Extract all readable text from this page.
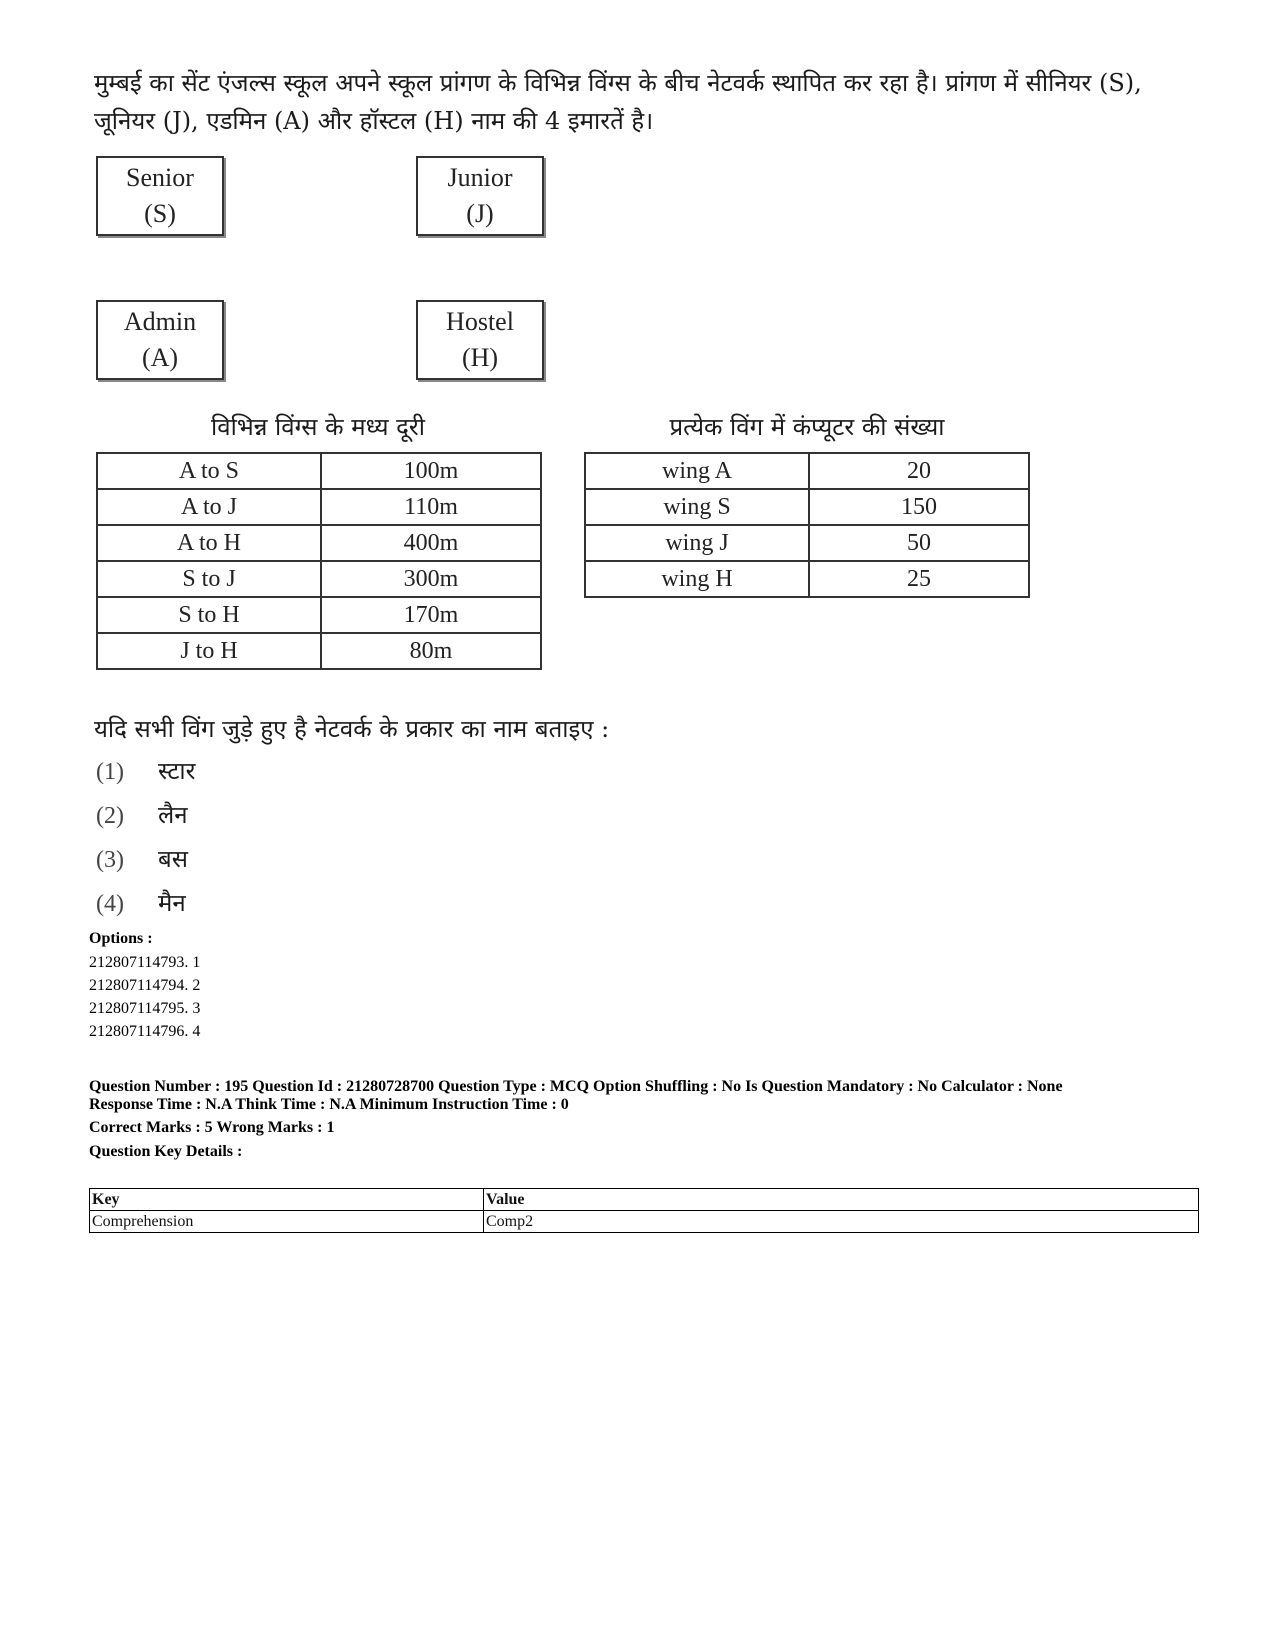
मुम्बई का सेंट एंजल्स स्कूल अपने स्कूल प्रांगण के विभिन्न विंग्स के बीच नेटवर्क स्थापित कर रहा है। प्रांगण में सीनियर (S),
जूनियर (J), एडमिन (A) और हॉस्टल (H) नाम की 4 इमारतें है।
Senior
(S)
Junior
(J)
Admin
(A)
Hostel
(H)
विभिन्न विंग्स के मध्य दूरी
A to S	100m
A to J	110m
A to H	400m
S to J	300m
S to H	170m
J to H	80m
प्रत्येक विंग में कंप्यूटर की संख्या
wing A	20
wing S	150
wing J	50
wing H	25
यदि सभी विंग जुड़े हुए है नेटवर्क के प्रकार का नाम बताइए :
(1) स्टार
(2) लैन
(3) बस
(4) मैन
Options :
212807114793. 1
212807114794. 2
212807114795. 3
212807114796. 4
Question Number : 195 Question Id : 21280728700 Question Type : MCQ Option Shuffling : No Is Question Mandatory : No Calculator : None
Response Time : N.A Think Time : N.A Minimum Instruction Time : 0
Correct Marks : 5 Wrong Marks : 1
Question Key Details :
Key	Value
Comprehension	Comp2
